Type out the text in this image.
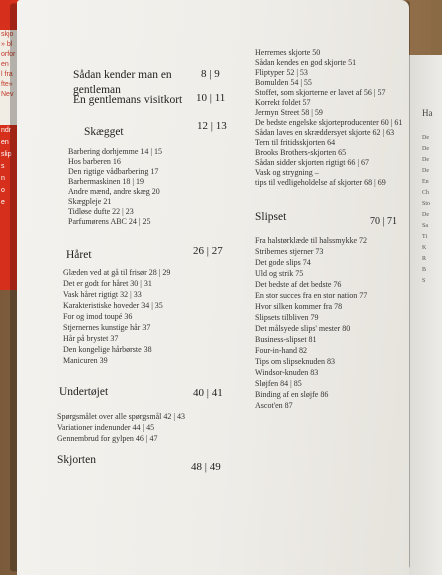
skjo
» bl
orfor
en
l fra
fte»
Nev
ndr
en
slip
s
n
o
e
Ha
De
De
De
De
En
Ch
Sto
De
Sa
Ti
K
R
B
S
Sådan kender man en gentleman
8 | 9
En gentlemans visitkort	10 | 11
Skægget	12 | 13
Barbering dorhjemme 14 | 15
Hos barberen 16
Den rigtige vådbarbering 17
Barbermaskinen 18 | 19
Andre mænd, andre skæg 20
Skægpleje 21
Tidløse dufte 22 | 23
Parfumørens ABC 24 | 25
Håret	26 | 27
Glæden ved at gå til frisør 28 | 29
Det er godt for håret 30 | 31
Vask håret rigtigt 32 | 33
Karakteristiske hoveder 34 | 35
For og imod toupé 36
Stjernernes kunstige hår 37
Hår på brystet 37
Den kongelige hårbørste 38
Manicuren 39
Undertøjet	40 | 41
Spørgsmålet over alle spørgsmål 42 | 43
Variationer indenunder 44 | 45
Gennembrud for gylpen 46 | 47
Skjorten
48 | 49
Herrernes skjorte 50
Sådan kendes en god skjorte 51
Fliptyper 52 | 53
Bomulden 54 | 55
Stoffet, som skjorterne er lavet af 56 | 57
Korrekt foldet 57
Jermyn Street 58 | 59
De bedste engelske skjorteproducenter 60 | 61
Sådan laves en skræddersyet skjorte 62 | 63
Tern til fritidsskjorten 64
Brooks Brothers-skjorten 65
Sådan sidder skjorten rigtigt 66 | 67
Vask og strygning –
tips til vedligeholdelse af skjorter 68 | 69
Slipset	70 | 71
Fra halstørklæde til halssmykke 72
Stribernes stjerner 73
Det gode slips 74
Uld og strik 75
Det bedste af det bedste 76
En stor succes fra en stor nation 77
Hvor silken kommer fra 78
Slipsets tilbliven 79
Det målsyede slips' mester 80
Business-slipset 81
Four-in-hand 82
Tips om slipseknuden 83
Windsor-knuden 83
Sløjfen 84 | 85
Binding af en sløjfe 86
Ascot'en 87
